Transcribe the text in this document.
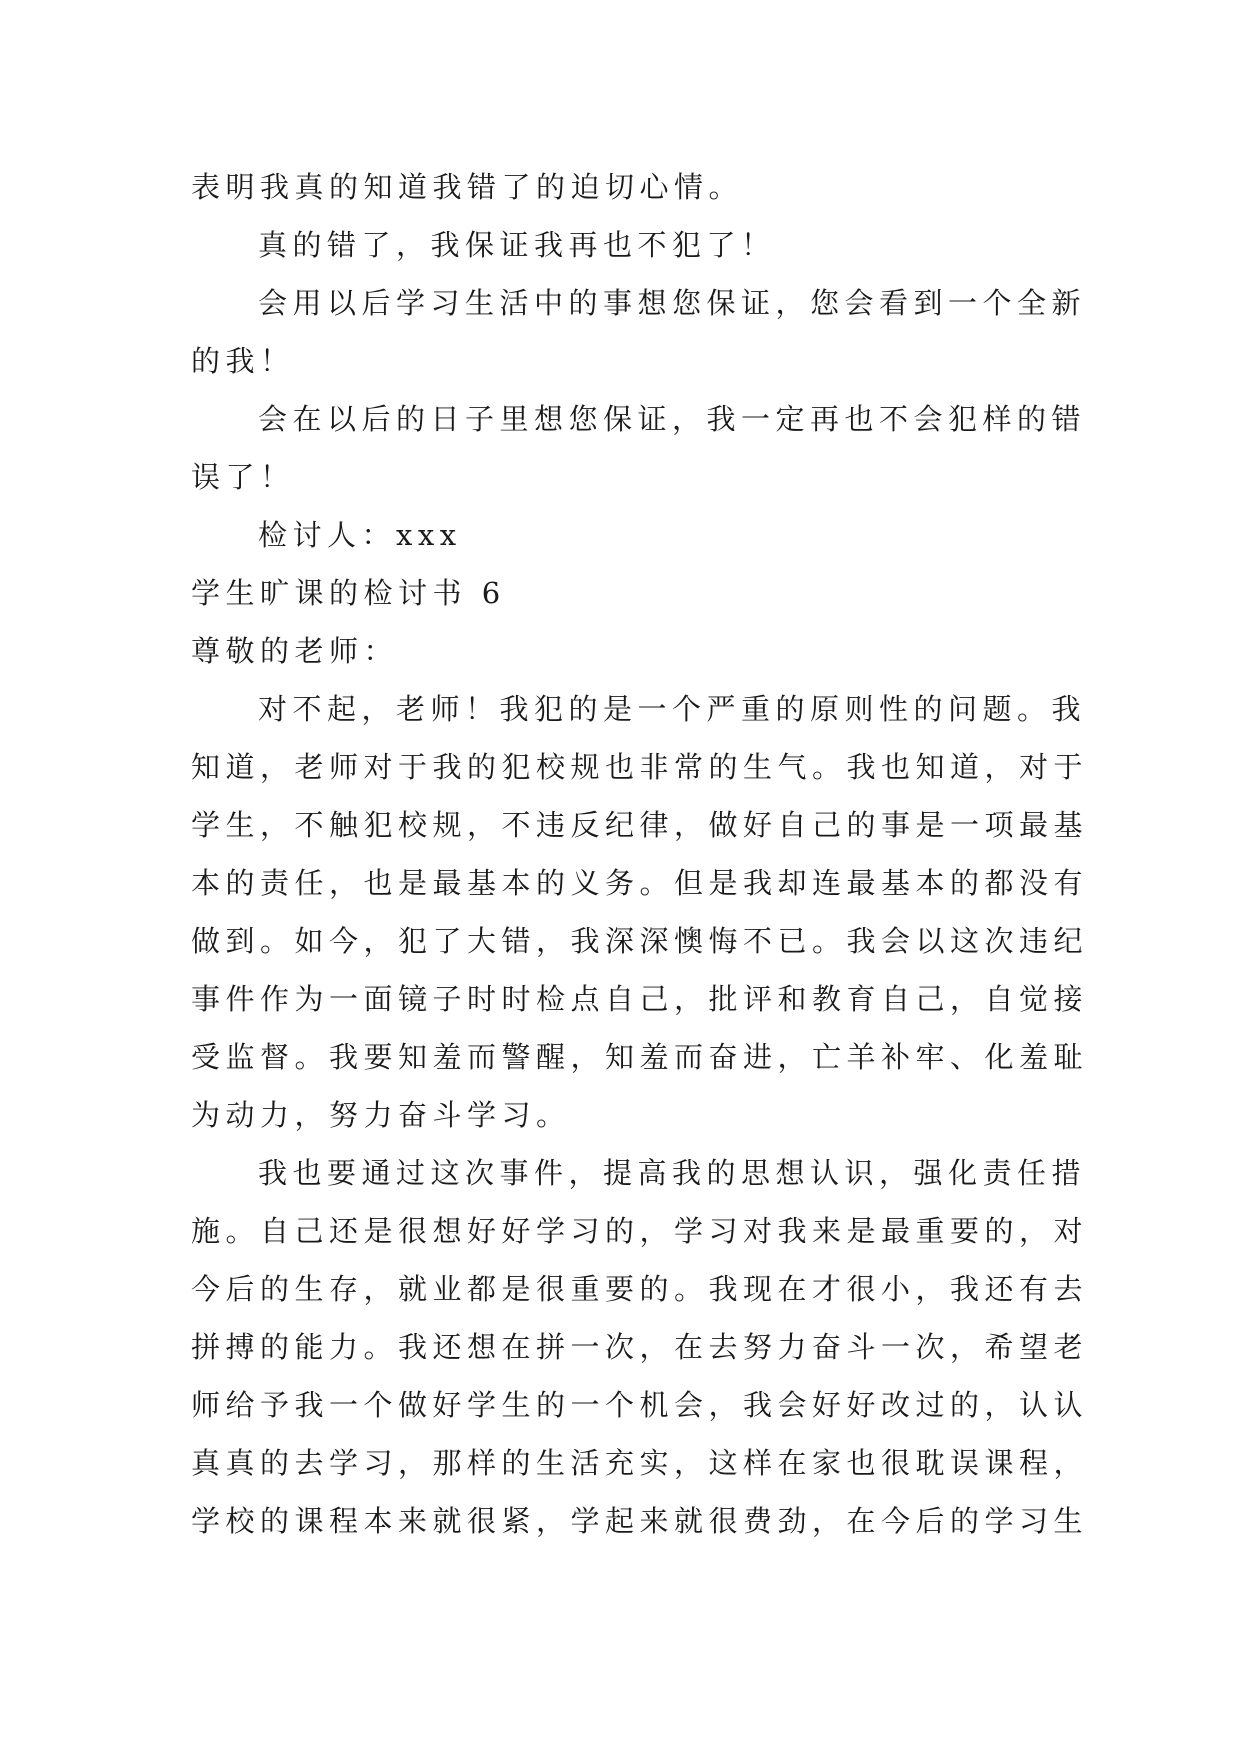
表明我真的知道我错了的迫切心情。
真的错了，我保证我再也不犯了！
会用以后学习生活中的事想您保证，您会看到一个全新
的我！
会在以后的日子里想您保证，我一定再也不会犯样的错
误了！
检讨人：xxx
学生旷课的检讨书 6
尊敬的老师：
对不起，老师！我犯的是一个严重的原则性的问题。我
知道，老师对于我的犯校规也非常的生气。我也知道，对于
学生，不触犯校规，不违反纪律，做好自己的事是一项最基
本的责任，也是最基本的义务。但是我却连最基本的都没有
做到。如今，犯了大错，我深深懊悔不已。我会以这次违纪
事件作为一面镜子时时检点自己，批评和教育自己，自觉接
受监督。我要知羞而警醒，知羞而奋进，亡羊补牢、化羞耻
为动力，努力奋斗学习。
我也要通过这次事件，提高我的思想认识，强化责任措
施。自己还是很想好好学习的，学习对我来是最重要的，对
今后的生存，就业都是很重要的。我现在才很小，我还有去
拼搏的能力。我还想在拼一次，在去努力奋斗一次，希望老
师给予我一个做好学生的一个机会，我会好好改过的，认认
真真的去学习，那样的生活充实，这样在家也很耽误课程，
学校的课程本来就很紧，学起来就很费劲，在今后的学习生
